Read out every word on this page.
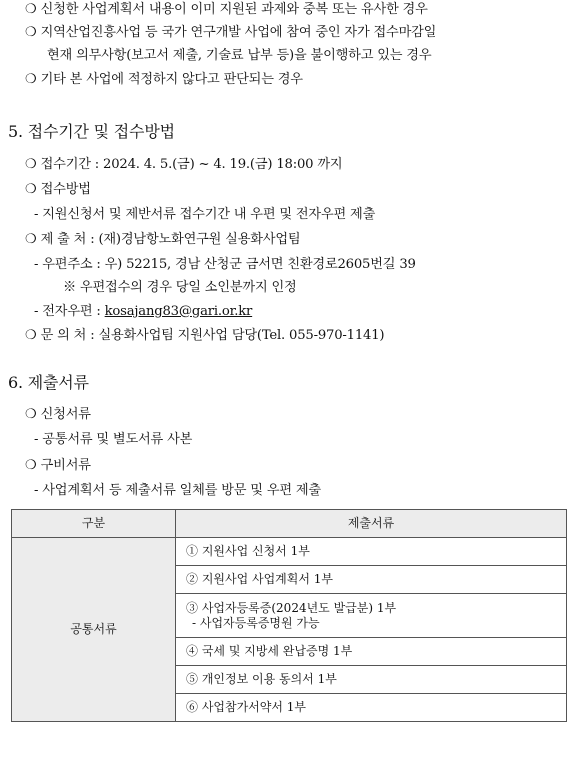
❍ 신청한 사업계획서 내용이 이미 지원된 과제와 중복 또는 유사한 경우
❍ 지역산업진흥사업 등 국가 연구개발 사업에 참여 중인 자가 접수마감일
현재 의무사항(보고서 제출, 기술료 납부 등)을 불이행하고 있는 경우
❍ 기타 본 사업에 적정하지 않다고 판단되는 경우
5. 접수기간 및 접수방법
❍ 접수기간 : 2024. 4. 5.(금) ~ 4. 19.(금) 18:00 까지
❍ 접수방법
- 지원신청서 및 제반서류 접수기간 내 우편 및 전자우편 제출
❍ 제 출 처 : (재)경남항노화연구원 실용화사업팀
- 우편주소 : 우) 52215, 경남 산청군 금서면 친환경로2605번길 39
※ 우편접수의 경우 당일 소인분까지 인정
- 전자우편 : kosajang83@gari.or.kr
❍ 문 의 처 : 실용화사업팀 지원사업 담당(Tel. 055-970-1141)
6. 제출서류
❍ 신청서류
- 공통서류 및 별도서류 사본
❍ 구비서류
- 사업계획서 등 제출서류 일체를 방문 및 우편 제출
구분	제출서류
공통서류	① 지원사업 신청서 1부
	② 지원사업 사업계획서 1부

	③ 사업자등록증(2024년도 발급분) 1부
- 사업자등록증명원 가능

	④ 국세 및 지방세 완납증명 1부
	⑤ 개인정보 이용 동의서 1부
	⑥ 사업참가서약서 1부
